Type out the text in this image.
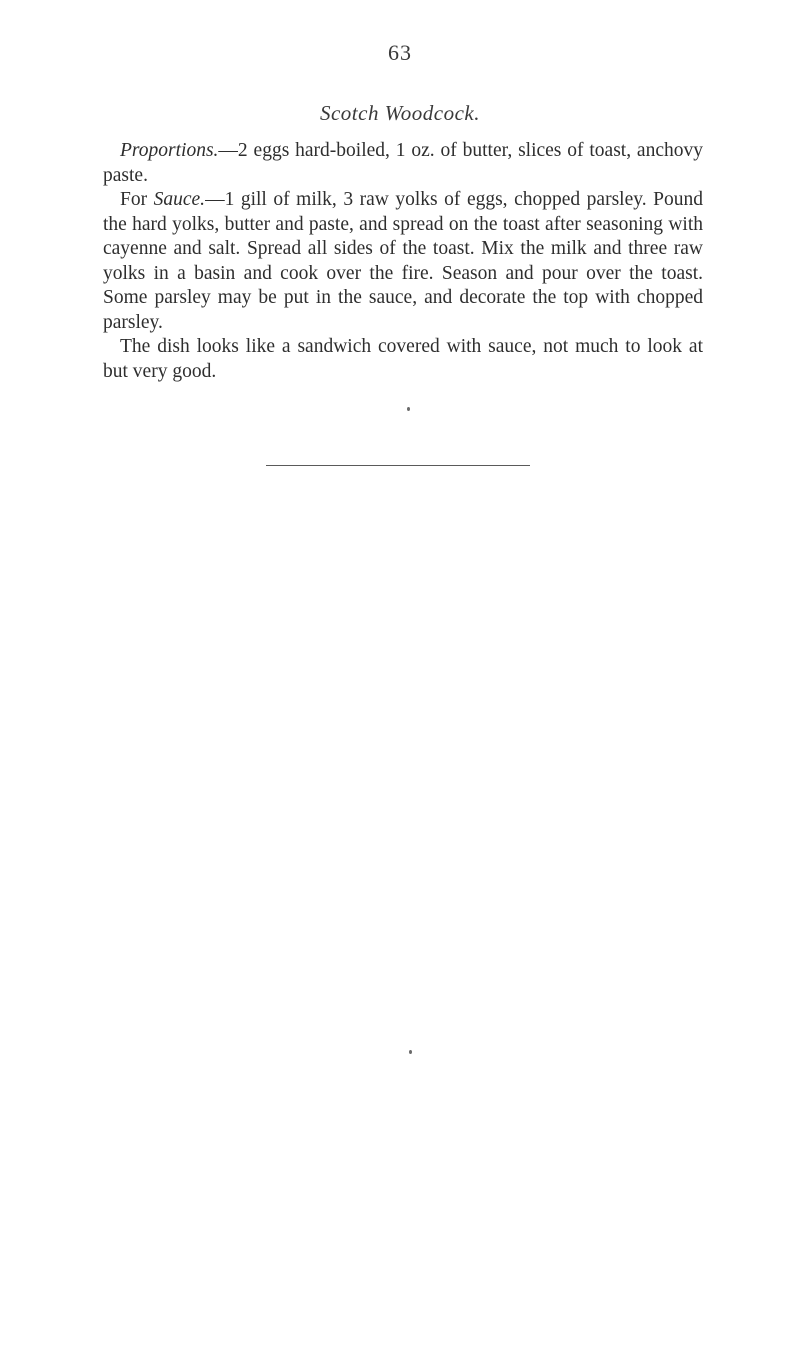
63
Scotch Woodcock.

Proportions.—2 eggs hard-boiled, 1 oz. of butter, slices of toast, anchovy paste.

For Sauce.—1 gill of milk, 3 raw yolks of eggs, chopped parsley. Pound the hard yolks, butter and paste, and spread on the toast after seasoning with cayenne and salt. Spread all sides of the toast. Mix the milk and three raw yolks in a basin and cook over the fire. Season and pour over the toast. Some parsley may be put in the sauce, and decorate the top with chopped parsley.

The dish looks like a sandwich covered with sauce, not much to look at but very good.
